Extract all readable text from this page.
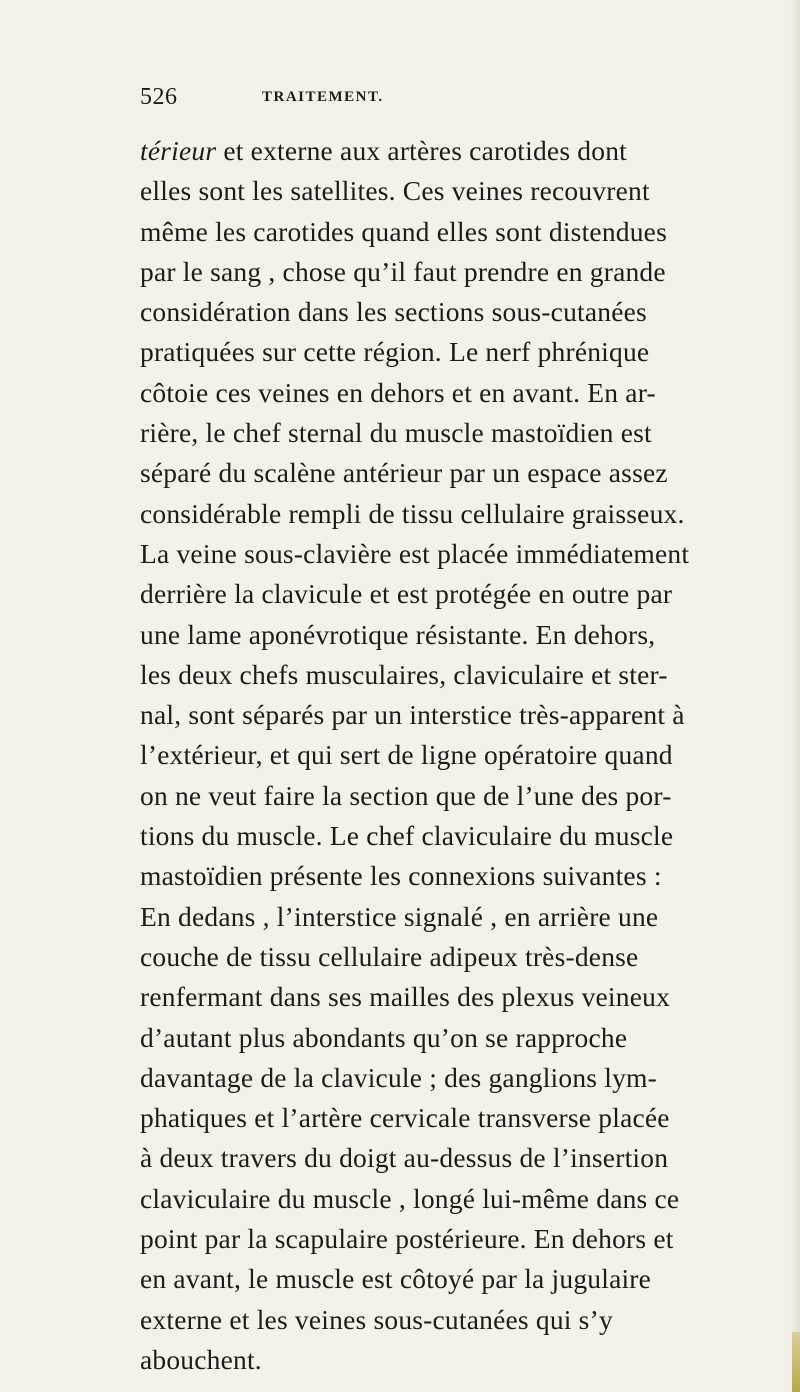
526	TRAITEMENT.
térieur et externe aux artères carotides dont
elles sont les satellites. Ces veines recouvrent
même les carotides quand elles sont distendues
par le sang , chose qu’il faut prendre en grande
considération dans les sections sous-cutanées
pratiquées sur cette région. Le nerf phrénique
côtoie ces veines en dehors et en avant. En ar-
rière, le chef sternal du muscle mastoïdien est
séparé du scalène antérieur par un espace assez
considérable rempli de tissu cellulaire graisseux.
La veine sous-clavière est placée immédiatement
derrière la clavicule et est protégée en outre par
une lame aponévrotique résistante. En dehors,
les deux chefs musculaires, claviculaire et ster-
nal, sont séparés par un interstice très-apparent à
l’extérieur, et qui sert de ligne opératoire quand
on ne veut faire la section que de l’une des por-
tions du muscle. Le chef claviculaire du muscle
mastoïdien présente les connexions suivantes :
En dedans , l’interstice signalé , en arrière une
couche de tissu cellulaire adipeux très-dense
renfermant dans ses mailles des plexus veineux
d’autant plus abondants qu’on se rapproche
davantage de la clavicule ; des ganglions lym-
phatiques et l’artère cervicale transverse placée
à deux travers du doigt au-dessus de l’insertion
claviculaire du muscle , longé lui-même dans ce
point par la scapulaire postérieure. En dehors et
en avant, le muscle est côtoyé par la jugulaire
externe et les veines sous-cutanées qui s’y
abouchent.
